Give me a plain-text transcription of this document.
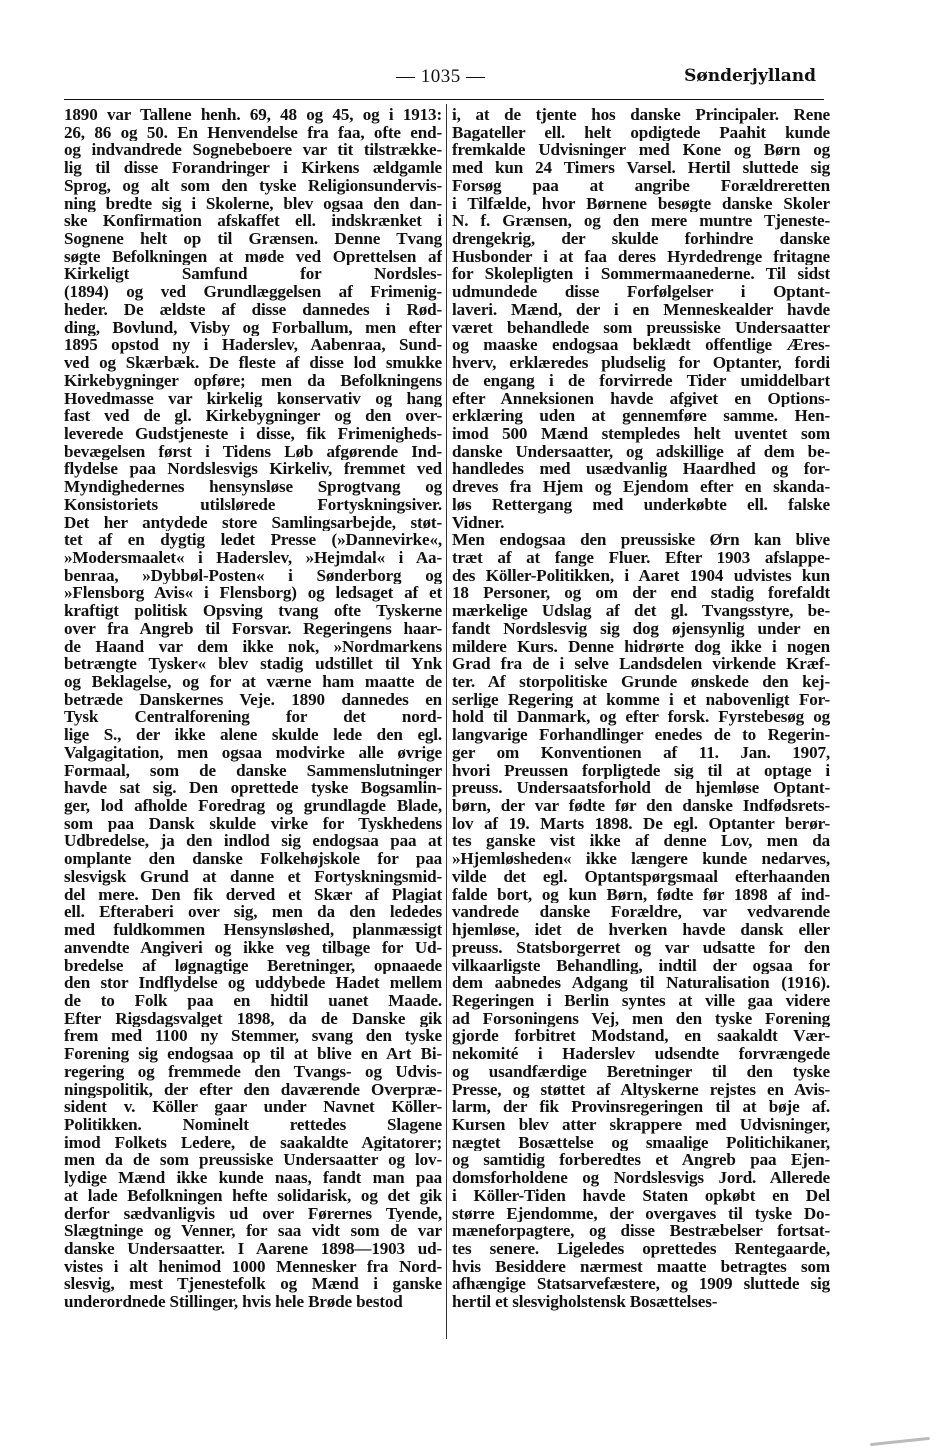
— 1035 —	Sønderjylland
1890 var Tallene henh. 69, 48 og 45, og i 1913:
26, 86 og 50. En Henvendelse fra faa, ofte end-
og indvandrede Sognebeboere var tit tilstrække-
lig til disse Forandringer i Kirkens ældgamle
Sprog, og alt som den tyske Religionsundervis-
ning bredte sig i Skolerne, blev ogsaa den dan-
ske Konfirmation afskaffet ell. indskrænket i
Sognene helt op til Grænsen. Denne Tvang
søgte Befolkningen at møde ved Oprettelsen af
Kirkeligt Samfund for Nordsles-
(1894) og ved Grundlæggelsen af Frimenig-
heder. De ældste af disse dannedes i Rød-
ding, Bovlund, Visby og Forballum, men efter
1895 opstod ny i Haderslev, Aabenraa, Sund-
ved og Skærbæk. De fleste af disse lod smukke
Kirkebygninger opføre; men da Befolkningens
Hovedmasse var kirkelig konservativ og hang
fast ved de gl. Kirkebygninger og den over-
leverede Gudstjeneste i disse, fik Frimenigheds-
bevægelsen først i Tidens Løb afgørende Ind-
flydelse paa Nordslesvigs Kirkeliv, fremmet ved
Myndighedernes hensynsløse Sprogtvang og
Konsistoriets utilslørede Fortyskningsiver.
Det her antydede store Samlingsarbejde, støt-
tet af en dygtig ledet Presse (»Dannevirke«,
»Modersmaalet« i Haderslev, »Hejmdal« i Aa-
benraa, »Dybbøl-Posten« i Sønderborg og
»Flensborg Avis« i Flensborg) og ledsaget af et
kraftigt politisk Opsving tvang ofte Tyskerne
over fra Angreb til Forsvar. Regeringens haar-
de Haand var dem ikke nok, »Nordmarkens
betrængte Tysker« blev stadig udstillet til Ynk
og Beklagelse, og for at værne ham maatte de
betræde Danskernes Veje. 1890 dannedes en
Tysk Centralforening for det nord-
lige S., der ikke alene skulde lede den egl.
Valgagitation, men ogsaa modvirke alle øvrige
Formaal, som de danske Sammenslutninger
havde sat sig. Den oprettede tyske Bogsamlin-
ger, lod afholde Foredrag og grundlagde Blade,
som paa Dansk skulde virke for Tyskhedens
Udbredelse, ja den indlod sig endogsaa paa at
omplante den danske Folkehøjskole for paa
slesvigsk Grund at danne et Fortyskningsmid-
del mere. Den fik derved et Skær af Plagiat
ell. Efteraberi over sig, men da den lededes
med fuldkommen Hensynsløshed, planmæssigt
anvendte Angiveri og ikke veg tilbage for Ud-
bredelse af løgnagtige Beretninger, opnaaede
den stor Indflydelse og uddybede Hadet mellem
de to Folk paa en hidtil uanet Maade.
Efter Rigsdagsvalget 1898, da de Danske gik
frem med 1100 ny Stemmer, svang den tyske
Forening sig endogsaa op til at blive en Art Bi-
regering og fremmede den Tvangs- og Udvis-
ningspolitik, der efter den daværende Overpræ-
sident v. Köller gaar under Navnet Köller-
Politikken. Nominelt rettedes Slagene
imod Folkets Ledere, de saakaldte Agitatorer;
men da de som preussiske Undersaatter og lov-
lydige Mænd ikke kunde naas, fandt man paa
at lade Befolkningen hefte solidarisk, og det gik
derfor sædvanligvis ud over Førernes Tyende,
Slægtninge og Venner, for saa vidt som de var
danske Undersaatter. I Aarene 1898—1903 ud-
vistes i alt henimod 1000 Mennesker fra Nord-
slesvig, mest Tjenestefolk og Mænd i ganske
underordnede Stillinger, hvis hele Brøde bestod
i, at de tjente hos danske Principaler. Rene
Bagateller ell. helt opdigtede Paahit kunde
fremkalde Udvisninger med Kone og Børn og
med kun 24 Timers Varsel. Hertil sluttede sig
Forsøg paa at angribe Forældreretten
i Tilfælde, hvor Børnene besøgte danske Skoler
N. f. Grænsen, og den mere muntre Tjeneste-
drengekrig, der skulde forhindre danske
Husbonder i at faa deres Hyrdedrenge fritagne
for Skolepligten i Sommermaanederne. Til sidst
udmundede disse Forfølgelser i Optant-
laveri. Mænd, der i en Menneskealder havde
været behandlede som preussiske Undersaatter
og maaske endogsaa beklædt offentlige Æres-
hverv, erklæredes pludselig for Optanter, fordi
de engang i de forvirrede Tider umiddelbart
efter Anneksionen havde afgivet en Options-
erklæring uden at gennemføre samme. Hen-
imod 500 Mænd stempledes helt uventet som
danske Undersaatter, og adskillige af dem be-
handledes med usædvanlig Haardhed og for-
dreves fra Hjem og Ejendom efter en skanda-
løs Rettergang med underkøbte ell. falske
Vidner.
Men endogsaa den preussiske Ørn kan blive
træt af at fange Fluer. Efter 1903 afslappe-
des Köller-Politikken, i Aaret 1904 udvistes kun
18 Personer, og om der end stadig forefaldt
mærkelige Udslag af det gl. Tvangsstyre, be-
fandt Nordslesvig sig dog øjensynlig under en
mildere Kurs. Denne hidrørte dog ikke i nogen
Grad fra de i selve Landsdelen virkende Kræf-
ter. Af storpolitiske Grunde ønskede den kej-
serlige Regering at komme i et nabovenligt For-
hold til Danmark, og efter forsk. Fyrstebesøg og
langvarige Forhandlinger enedes de to Regerin-
ger om Konventionen af 11. Jan. 1907,
hvori Preussen forpligtede sig til at optage i
preuss. Undersaatsforhold de hjemløse Optant-
børn, der var fødte før den danske Indfødsrets-
lov af 19. Marts 1898. De egl. Optanter berør-
tes ganske vist ikke af denne Lov, men da
»Hjemløsheden« ikke længere kunde nedarves,
vilde det egl. Optantspørgsmaal efterhaanden
falde bort, og kun Børn, fødte før 1898 af ind-
vandrede danske Forældre, var vedvarende
hjemløse, idet de hverken havde dansk eller
preuss. Statsborgerret og var udsatte for den
vilkaarligste Behandling, indtil der ogsaa for
dem aabnedes Adgang til Naturalisation (1916).
Regeringen i Berlin syntes at ville gaa videre
ad Forsoningens Vej, men den tyske Forening
gjorde forbitret Modstand, en saakaldt Vær-
nekomité i Haderslev udsendte forvrængede
og usandfærdige Beretninger til den tyske
Presse, og støttet af Altyskerne rejstes en Avis-
larm, der fik Provinsregeringen til at bøje af.
Kursen blev atter skrappere med Udvisninger,
nægtet Bosættelse og smaalige Politichikaner,
og samtidig forberedtes et Angreb paa Ejen-
domsforholdene og Nordslesvigs Jord. Allerede
i Köller-Tiden havde Staten opkøbt en Del
større Ejendomme, der overgaves til tyske Do-
mæneforpagtere, og disse Bestræbelser fortsat-
tes senere. Ligeledes oprettedes Rentegaarde,
hvis Besiddere nærmest maatte betragtes som
afhængige Statsarvefæstere, og 1909 sluttede sig
hertil et slesvigholstensk Bosættelses-
